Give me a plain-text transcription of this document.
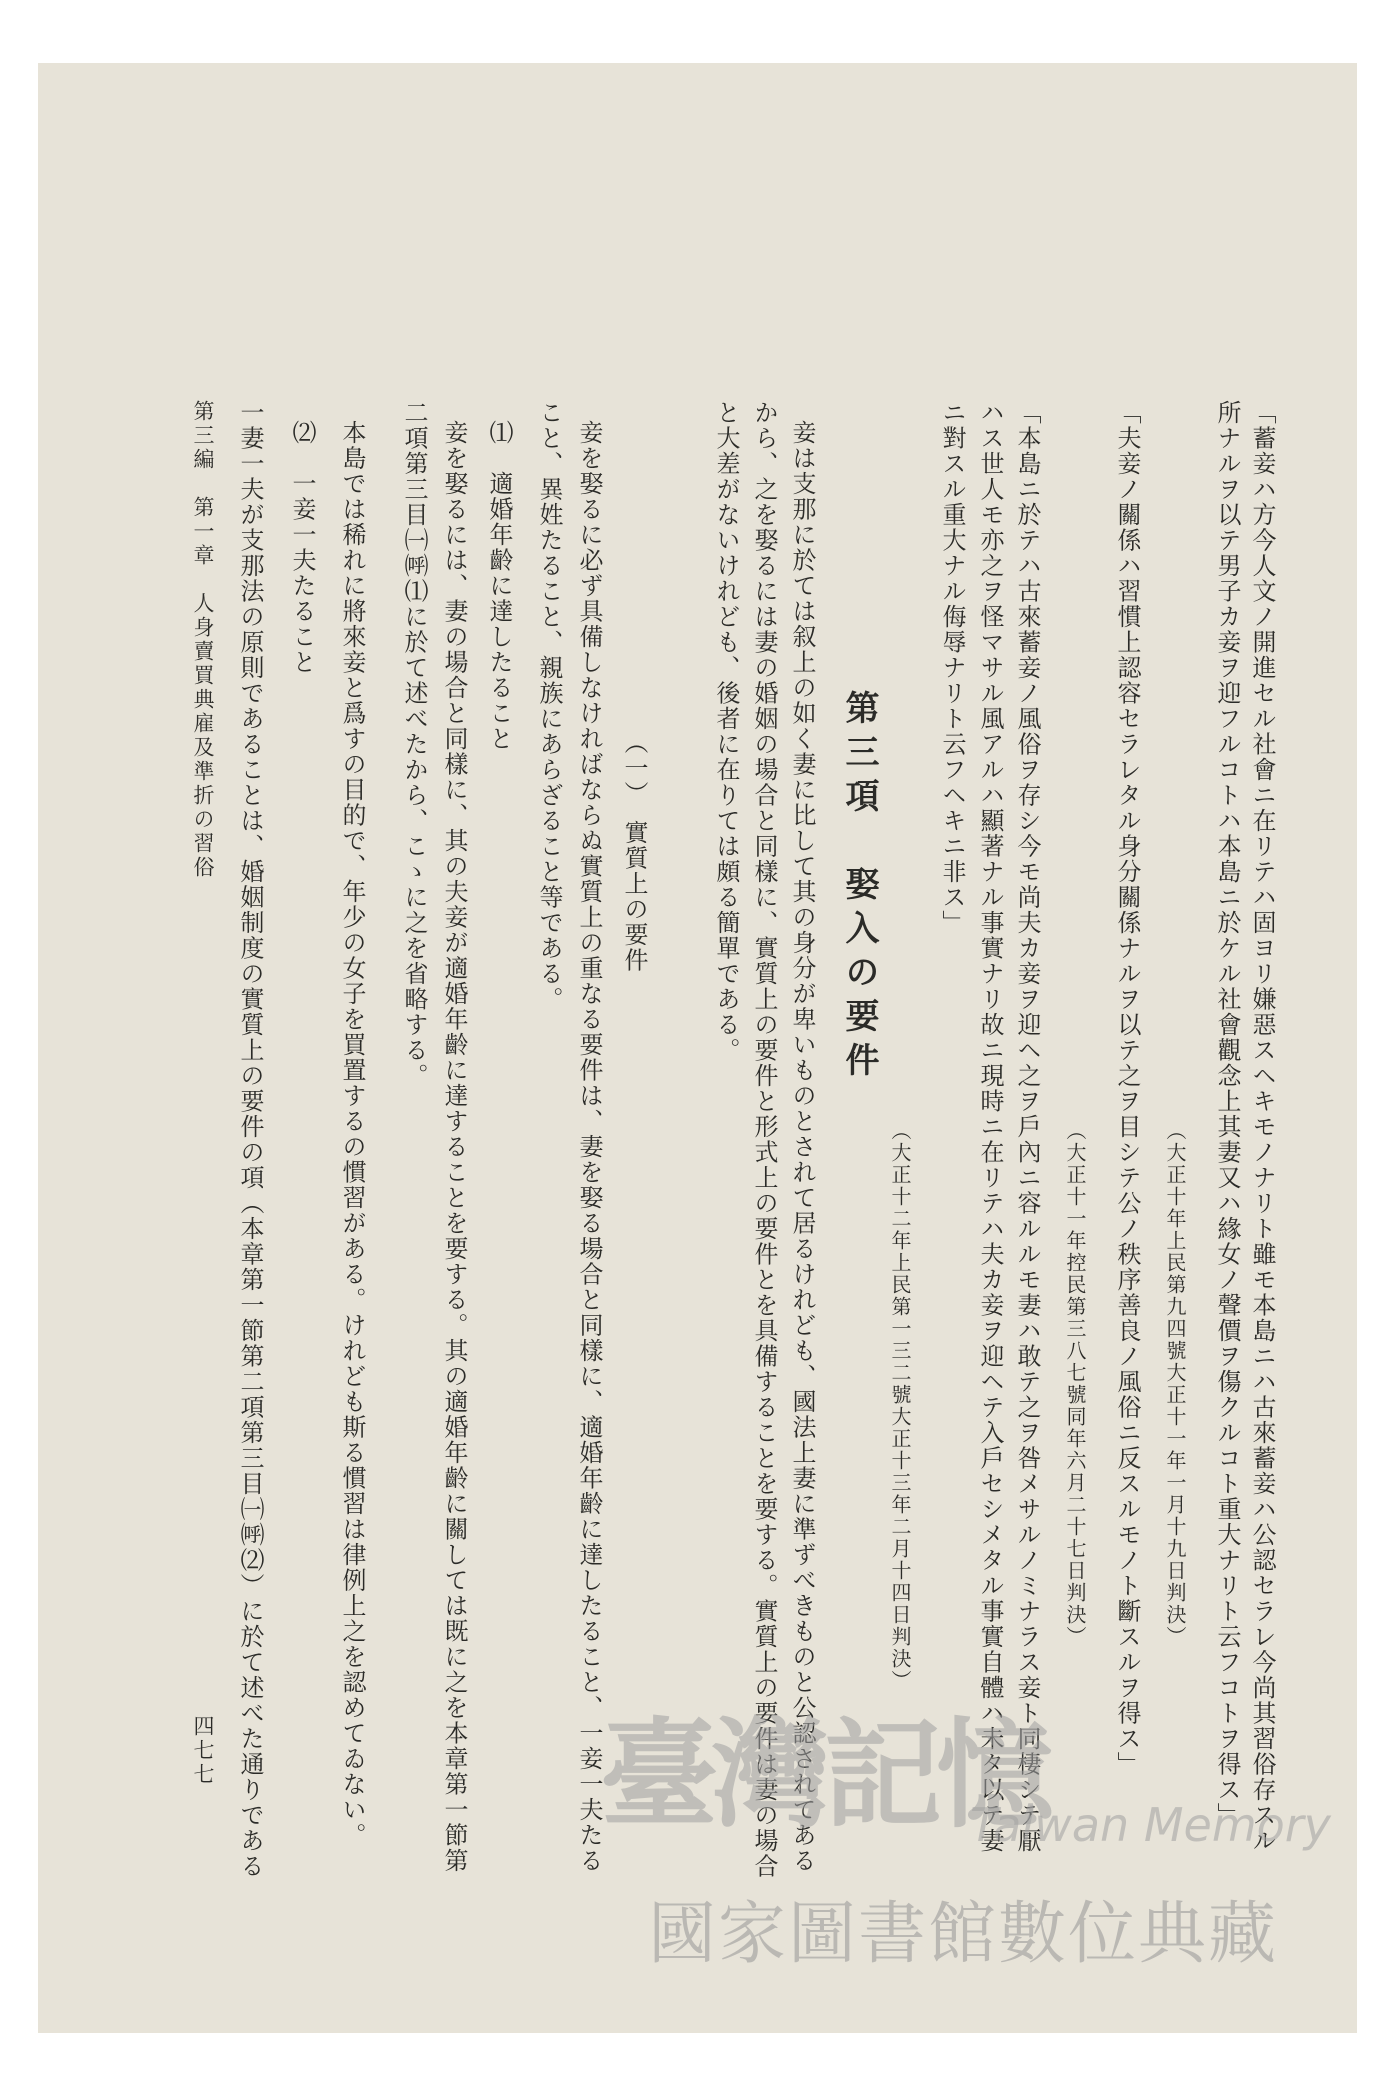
「蓄妾ハ方今人文ノ開進セル社會ニ在リテハ固ヨリ嫌惡スヘキモノナリト雖モ本島ニハ古來蓄妾ハ公認セラレ今尚其習俗存スル
所ナルヲ以テ男子カ妾ヲ迎フルコトハ本島ニ於ケル社會觀念上其妻又ハ緣女ノ聲價ヲ傷クルコト重大ナリト云フコトヲ得ス」
（大正十年上民第九四號大正十一年一月十九日判決）
「夫妾ノ關係ハ習慣上認容セラレタル身分關係ナルヲ以テ之ヲ目シテ公ノ秩序善良ノ風俗ニ反スルモノト斷スルヲ得ス」
（大正十一年控民第三八七號同年六月二十七日判決）
「本島ニ於テハ古來蓄妾ノ風俗ヲ存シ今モ尚夫カ妾ヲ迎ヘ之ヲ戶內ニ容ルルモ妻ハ敢テ之ヲ咎メサルノミナラス妾ト同棲シテ厭
ハス世人モ亦之ヲ怪マサル風アルハ顯著ナル事實ナリ故ニ現時ニ在リテハ夫カ妾ヲ迎ヘテ入戶セシメタル事實自體ハ未タ以テ妻
ニ對スル重大ナル侮辱ナリト云フヘキニ非ス」
（大正十二年上民第一三二號大正十三年二月十四日判決）
第三項　娶入の要件
妾は支那に於ては叙上の如く妻に比して其の身分が卑いものとされて居るけれども、國法上妻に準ずべきものと公認されてある
から、之を娶るには妻の婚姻の場合と同樣に、實質上の要件と形式上の要件とを具備することを要する。實質上の要件は妻の場合
と大差がないけれども、後者に在りては頗る簡單である。
（一）　實質上の要件
妾を娶るに必ず具備しなければならぬ實質上の重なる要件は、妻を娶る場合と同樣に、適婚年齡に達したること、一妾一夫たる
こと、異姓たること、親族にあらざること等である。
⑴　適婚年齡に達したること
妾を娶るには、妻の場合と同樣に、其の夫妾が適婚年齡に達することを要する。其の適婚年齡に關しては既に之を本章第一節第
二項第三目㈠㈺⑴に於て述べたから、こゝに之を省略する。
本島では稀れに將來妾と爲すの目的で、年少の女子を買置するの慣習がある。けれども斯る慣習は律例上之を認めてゐない。
⑵　一妾一夫たること
一妻一夫が支那法の原則であることは、婚姻制度の實質上の要件の項（本章第一節第二項第三目㈠㈺⑵）に於て述べた通りである
四七七
第三編　第一章　人身賣買典雇及準折の習俗
臺灣記憶
Taiwan Memory
國家圖書館數位典藏
